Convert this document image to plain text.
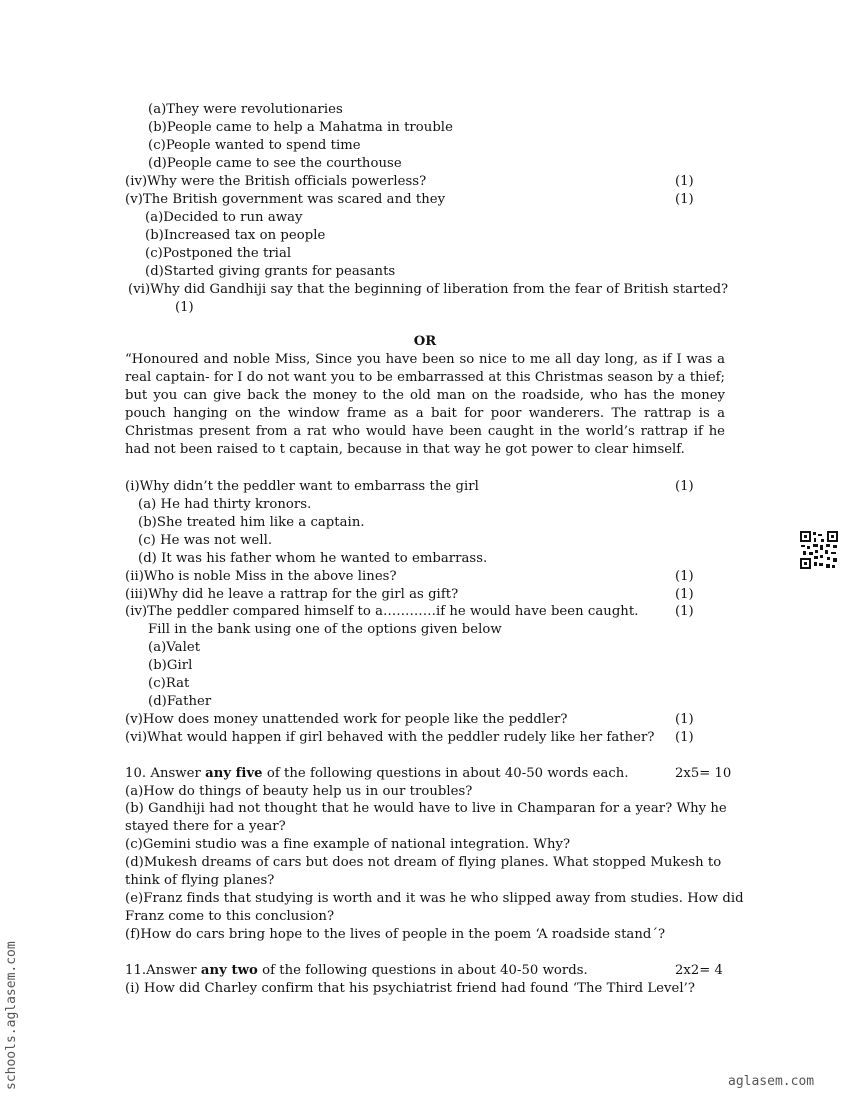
(a)They were revolutionaries
(b)People came to help a Mahatma in trouble
(c)People wanted to spend time
(d)People came to see the courthouse
(iv)Why were the British officials powerless?	(1)
(v)The British government was scared and they	(1)
(a)Decided to run away
(b)Increased tax on people
(c)Postponed the trial
(d)Started giving grants for peasants
(vi)Why did Gandhiji say that the beginning of liberation from the fear of British started?
(1)
OR
“Honoured and noble Miss, Since you have been so nice to me all day long, as if I was a real captain- for I do not want you to be embarrassed at this Christmas season by a thief; but you can give back the money to the old man on the roadside, who has the money pouch hanging on the window frame as a bait for poor wanderers. The rattrap is a Christmas present from a rat who would have been caught in the world’s rattrap if he had not been raised to t captain, because in that way he got power to clear himself.
(i)Why didn’t the peddler want to embarrass the girl	(1)
(a) He had thirty kronors.
(b)She treated him like a captain.
(c) He was not well.
(d) It was his father whom he wanted to embarrass.
(ii)Who is noble Miss in the above lines?	(1)
(iii)Why did he leave a rattrap for the girl as gift?	(1)
(iv)The peddler compared himself to a…………if he would have been caught.	(1)
Fill in the bank using one of the options given below
(a)Valet
(b)Girl
(c)Rat
(d)Father
(v)How does money unattended work for people like the peddler?	(1)
(vi)What would happen if girl behaved with the peddler rudely like her father? (1)
10. Answer any five of the following questions in about 40-50 words each.	2x5= 10
(a)How do things of beauty help us in our troubles?
(b) Gandhiji had not thought that he would have to live in Champaran for a year? Why he
stayed there for a year?
(c)Gemini studio was a fine example of national integration. Why?
(d)Mukesh dreams of cars but does not dream of flying planes. What stopped Mukesh to
think of flying planes?
(e)Franz finds that studying is worth and it was he who slipped away from studies. How did
Franz come to this conclusion?
(f)How do cars bring hope to the lives of people in the poem ‘A roadside stand´?
11.Answer any two of the following questions in about 40-50 words.	2x2= 4
(i) How did Charley confirm that his psychiatrist friend had found ‘The Third Level’?
schools.aglasem.com	aglasem.com
